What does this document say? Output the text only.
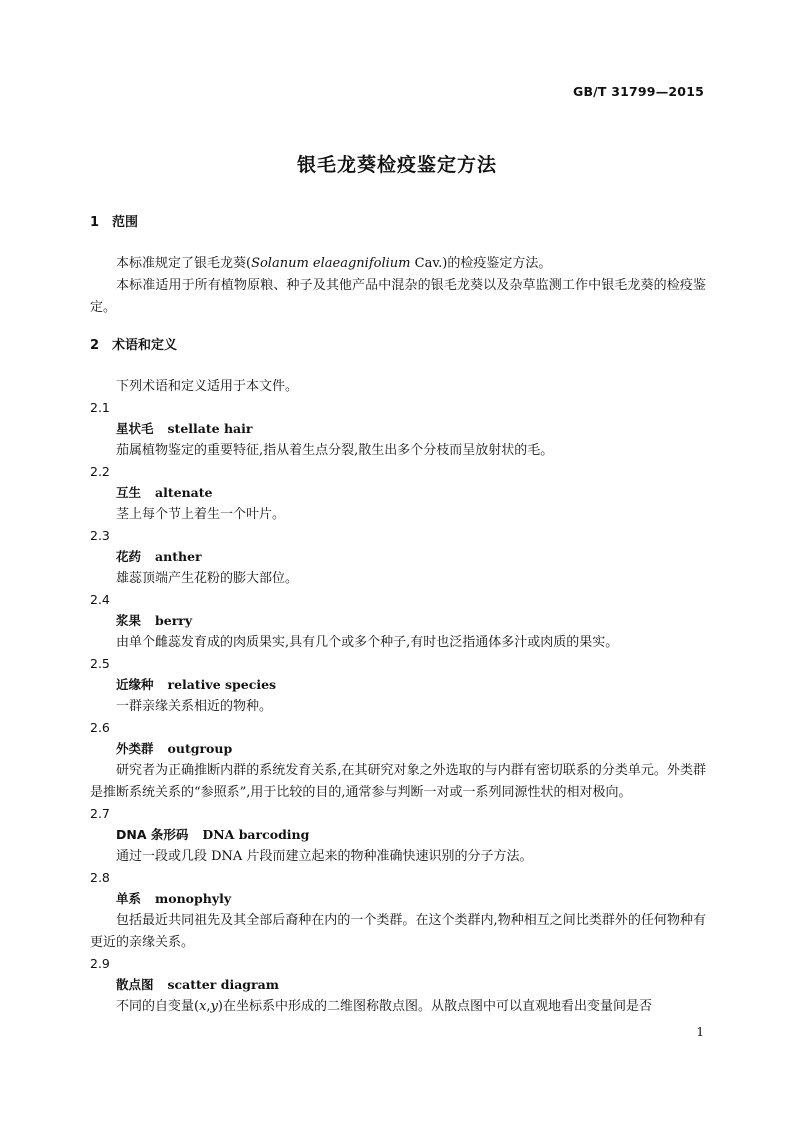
GB/T 31799—2015
银毛龙葵检疫鉴定方法

1 范围

本标准规定了银毛龙葵(Solanum elaeagnifolium Cav.)的检疫鉴定方法。

本标准适用于所有植物原粮、种子及其他产品中混杂的银毛龙葵以及杂草监测工作中银毛龙葵的检疫鉴定。

2 术语和定义

下列术语和定义适用于本文件。

2.1

星状毛 stellate hair

茄属植物鉴定的重要特征,指从着生点分裂,散生出多个分枝而呈放射状的毛。

2.2

互生 altenate

茎上每个节上着生一个叶片。

2.3

花药 anther

雄蕊顶端产生花粉的膨大部位。

2.4

浆果 berry

由单个雌蕊发育成的肉质果实,具有几个或多个种子,有时也泛指通体多汁或肉质的果实。

2.5

近缘种 relative species

一群亲缘关系相近的物种。

2.6

外类群 outgroup

研究者为正确推断内群的系统发育关系,在其研究对象之外选取的与内群有密切联系的分类单元。外类群是推断系统关系的“参照系”,用于比较的目的,通常参与判断一对或一系列同源性状的相对极向。

2.7

DNA 条形码 DNA barcoding

通过一段或几段 DNA 片段而建立起来的物种准确快速识别的分子方法。

2.8

单系 monophyly

包括最近共同祖先及其全部后裔种在内的一个类群。在这个类群内,物种相互之间比类群外的任何物种有更近的亲缘关系。

2.9

散点图 scatter diagram

不同的自变量(x,y)在坐标系中形成的二维图称散点图。从散点图中可以直观地看出变量间是否

1
